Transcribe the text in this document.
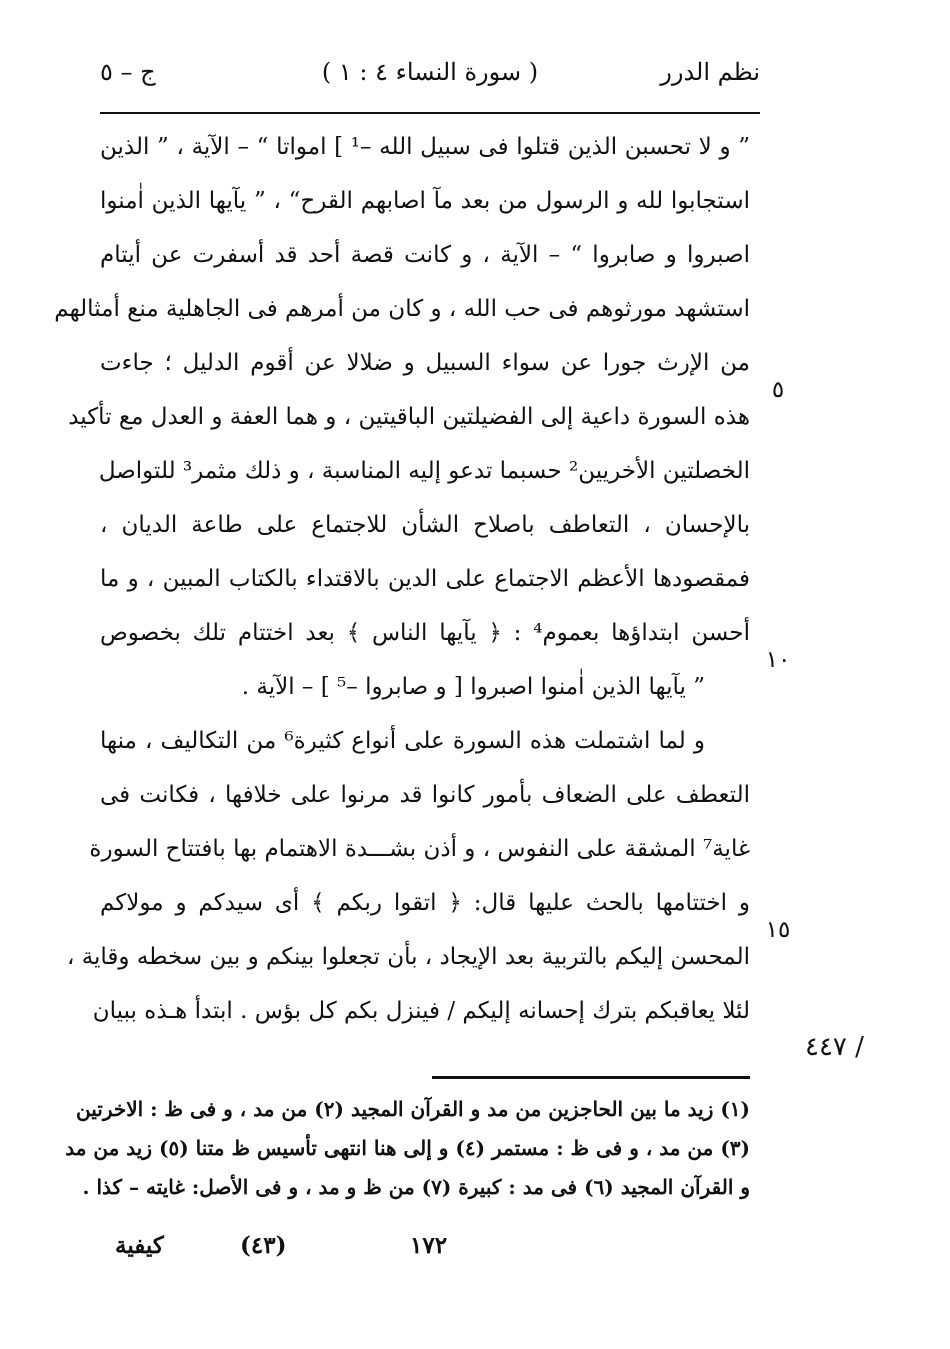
نظم الدرر
( سورة النساء ٤ : ١ )
ج – ٥
” و لا تحسبن الذين قتلوا فی سبيل الله –¹ ] امواتا “ – الآية ، ” الذين
استجابوا لله و الرسول من بعد مآ اصابهم القرح“ ، ” يآيها الذين اٰمنوا
اصبروا و صابروا “ – الآية ، و كانت قصة أحد قد أسفرت عن أيتام
استشهد مورثوهم فی حب الله ، و كان من أمرهم فی الجاهلية منع أمثالهم
من الإرث جورا عن سواء السبيل و ضلالا عن أقوم الدليل ؛ جاءت
هذه السورة داعية إلی الفضيلتين الباقيتين ، و هما العفة و العدل مع تأكيد
الخصلتين الأخريين² حسبما تدعو إليه المناسبة ، و ذلك مثمر³ للتواصل
بالإحسان ، التعاطف باصلاح الشأن للاجتماع علی طاعة الديان ،
فمقصودها الأعظم الاجتماع علی الدين بالاقتداء بالكتاب المبين ، و ما
أحسن ابتداؤها بعموم⁴ : ﴿ يآيها الناس ﴾ بعد اختتام تلك بخصوص
” يآيها الذين اٰمنوا اصبروا [ و صابروا –⁵ ] – الآية .
و لما اشتملت هذه السورة علی أنواع كثيرة⁶ من التكاليف ، منها
التعطف علی الضعاف بأمور كانوا قد مرنوا علی خلافها ، فكانت فی
غاية⁷ المشقة علی النفوس ، و أذن بشـــدة الاهتمام بها بافتتاح السورة
و اختتامها بالحث عليها قال: ﴿ اتقوا ربكم ﴾ أی سيدكم و مولاكم
المحسن إليكم بالتربية بعد الإيجاد ، بأن تجعلوا بينكم و بين سخطه وقاية ،
لئلا يعاقبكم بترك إحسانه إليكم / فينزل بكم كل بؤس . ابتدأ هـذه ببيان
٥
١٠
١٥
/ ٤٤٧
(١) زيد ما بين الحاجزين من مد و القرآن المجيد (٢) من مد ، و فی ظ : الاخرتين
(٣) من مد ، و فی ظ : مستمر (٤) و إلی هنا انتهی تأسيس ظ متنا (٥) زيد من مد
و القرآن المجيد (٦) فی مد : كبيرة (٧) من ظ و مد ، و فی الأصل: غايته – كذا .
١٧٢
(٤٣)
كيفية
